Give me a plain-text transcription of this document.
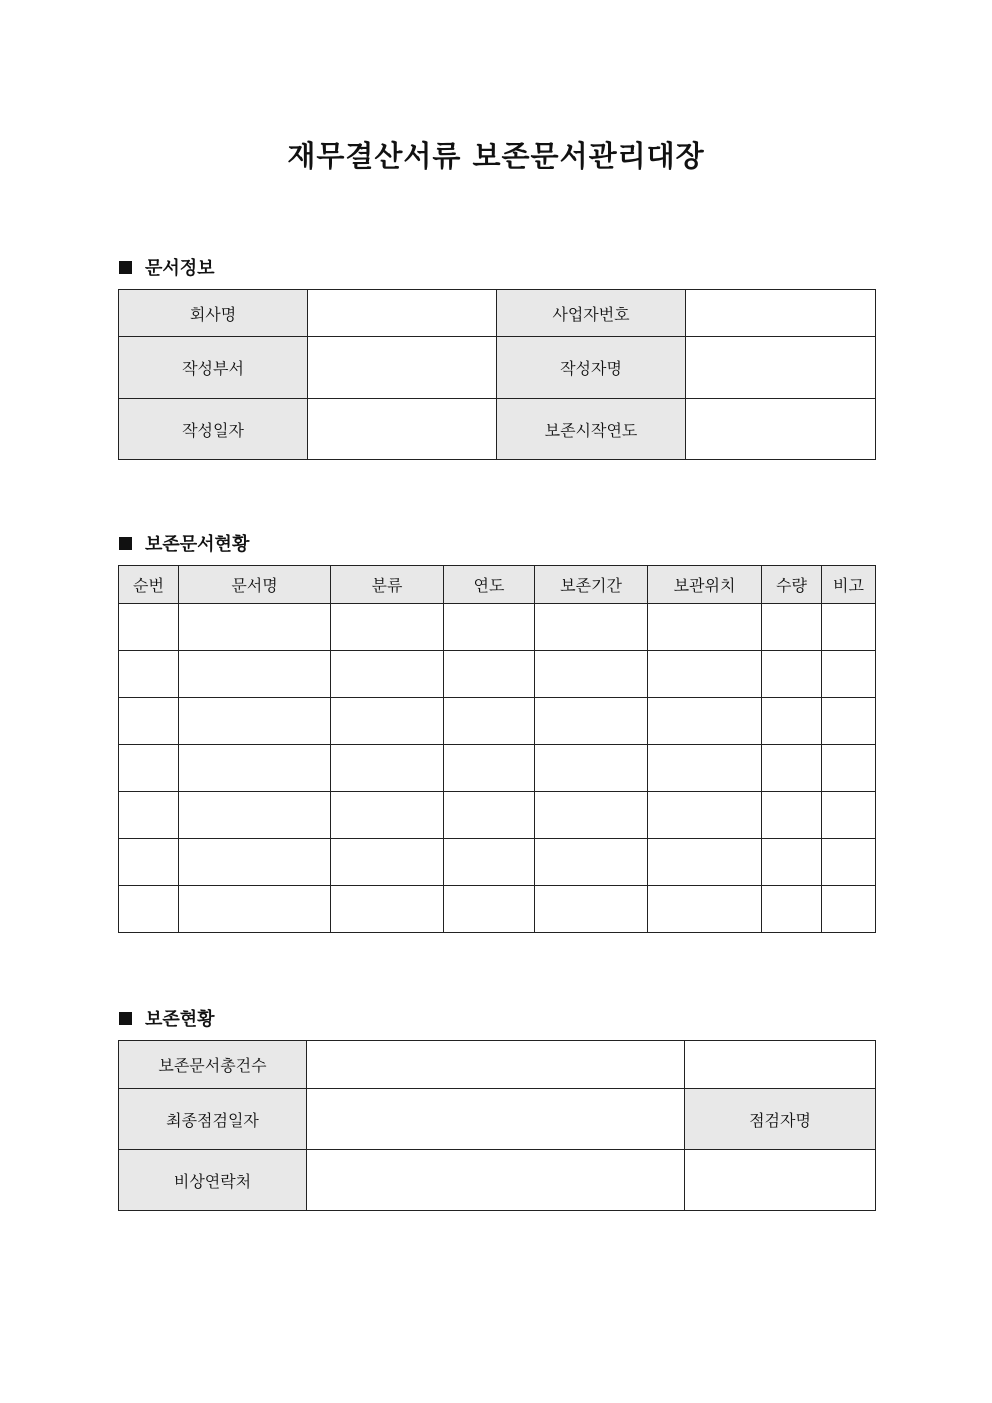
재무결산서류 보존문서관리대장
문서정보
회사명		사업자번호	
작성부서		작성자명	
작성일자		보존시작연도	
보존문서현황
순번	문서명	분류	연도	보존기간	보관위치	수량	비고

보존현황
보존문서총건수		
최종점검일자		점검자명
비상연락처		
